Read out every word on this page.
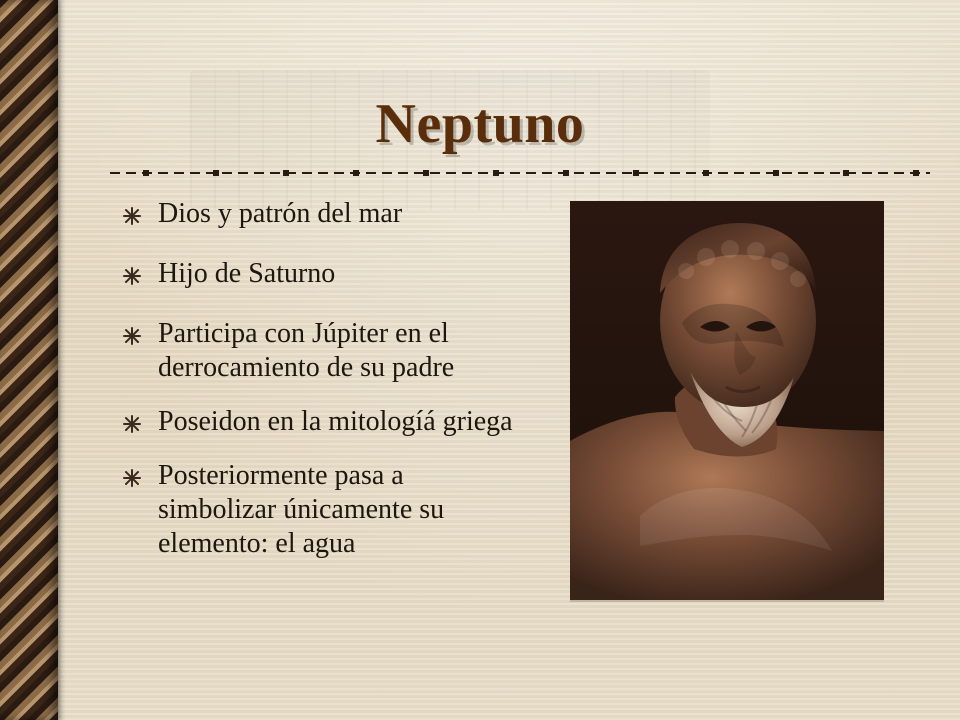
Neptuno
Dios y patrón del mar
Hijo de Saturno
Participa con Júpiter en el derrocamiento de su padre
Poseidon en la mitologíá griega
Posteriormente pasa a simbolizar únicamente su elemento: el agua
